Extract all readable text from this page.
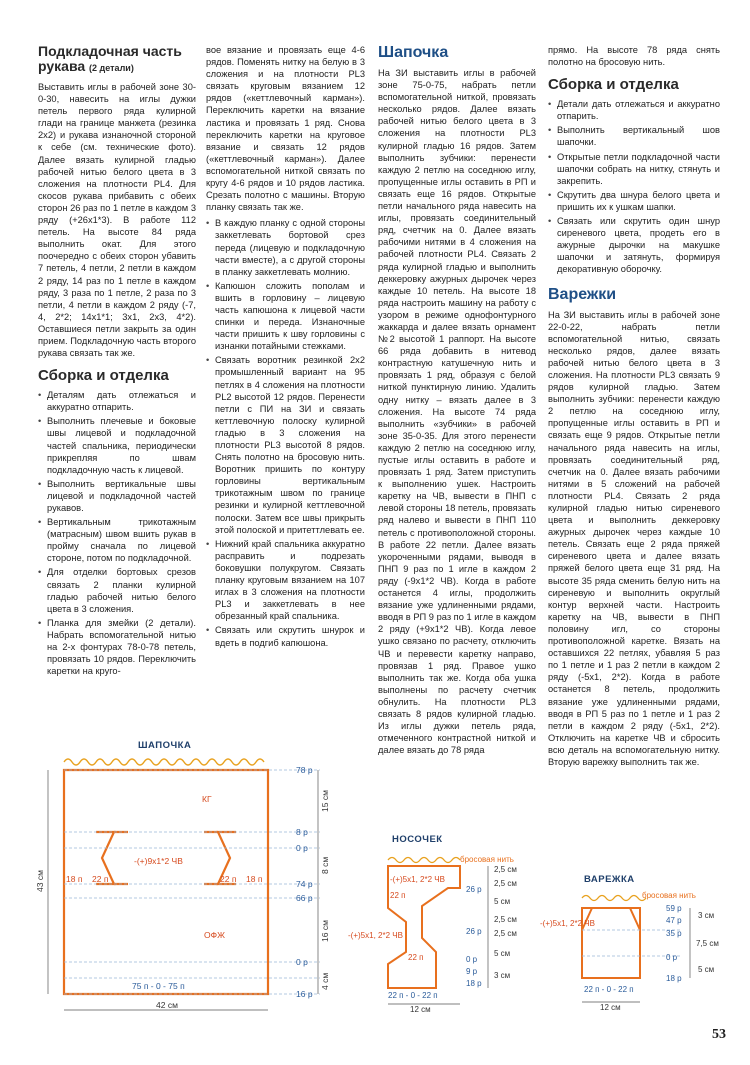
Подкладочная часть рукава (2 детали)

Выставить иглы в рабочей зоне 30-0-30, навесить на иглы дужки петель первого ряда кулирной глади на границе манжета (резинка 2х2) и рукава изнаночной стороной к себе (см. технические фото). Далее вязать кулирной гладью рабочей нитью белого цвета в 3 сложения на плотности PL4. Для скосов рукава прибавить с обеих сторон 26 раз по 1 петле в каждом 3 ряду (+26х1*3). В работе 112 петель. На высоте 84 ряда выполнить окат. Для этого поочередно с обеих сторон убавить 7 петель, 4 петли, 2 петли в каждом 2 ряду, 14 раз по 1 петле в каждом ряду, 3 раза по 1 петле, 2 раза по 3 петли, 4 петли в каждом 2 ряду (-7, 4, 2*2; 14х1*1; 3х1, 2х3, 4*2). Оставшиеся петли закрыть за один прием. Подкладочную часть второго рукава связать так же.

Сборка и отделка
• Деталям дать отлежаться и аккуратно отпарить.
• Выполнить плечевые и боковые швы лицевой и подкладочной частей спальника, периодически прикрепляя по швам подкладочную часть к лицевой.
• Выполнить вертикальные швы лицевой и подкладочной частей рукавов.
• Вертикальным трикотажным (матрасным) швом вшить рукав в пройму сначала по лицевой стороне, потом по подкладочной.
• Для отделки бортовых срезов связать 2 планки кулирной гладью рабочей нитью белого цвета в 3 сложения.
• Планка для змейки (2 детали). Набрать вспомогательной нитью на 2-х фонтурах 78-0-78 петель, провязать 10 рядов. Переключить каретки на круго-

вое вязание и провязать еще 4-6 рядов. Поменять нитку на белую в 3 сложения и на плотности PL3 связать круговым вязанием 12 рядов («кеттлевочный карман»). Переключить каретки на вязание ластика и провязать 1 ряд. Снова переключить каретки на круговое вязание и связать 12 рядов («кеттлевочный карман»). Далее вспомогательной ниткой связать по кругу 4-6 рядов и 10 рядов ластика. Срезать полотно с машины. Вторую планку связать так же.

• В каждую планку с одной стороны заккетлевать бортовой срез переда (лицевую и подкладочную части вместе), а с другой стороны в планку заккетлевать молнию.
• Капюшон сложить пополам и вшить в горловину – лицевую часть капюшона к лицевой части спинки и переда. Изнаночные части пришить к шву горловины с изнанки потайными стежками.
• Связать воротник резинкой 2х2 промышленный вариант на 95 петлях в 4 сложения на плотности PL2 высотой 12 рядов. Перенести петли с ПИ на ЗИ и связать кеттлевочную полоску кулирной гладью в 3 сложения на плотности PL3 высотой 8 рядов. Снять полотно на бросовую нить. Воротник пришить по контуру горловины вертикальным трикотажным швом по границе резинки и кулирной кеттлевочной полоски. Затем все швы прикрыть этой полоской и притеттлевать ее.
• Нижний край спальника аккуратно расправить и подрезать боковушки полукругом. Связать планку круговым вязанием на 107 иглах в 3 сложения на плотности PL3 и заккетлевать в нее обрезанный край спальника.
• Связать или скрутить шнурок и вдеть в подгиб капюшона.
Шапочка

На ЗИ выставить иглы в рабочей зоне 75-0-75, набрать петли вспомогательной ниткой, провязать несколько рядов. Далее вязать рабочей нитью белого цвета в 3 сложения на плотности PL3 кулирной гладью 16 рядов. Затем выполнить зубчики: перенести каждую 2 петлю на соседнюю иглу, пропущенные иглы оставить в РП и связать еще 16 рядов. Открытые петли начального ряда навесить на иглы, провязать соединительный ряд, счетчик на 0. Далее вязать рабочими нитями в 4 сложения на рабочей плотности PL4. Связать 2 ряда кулирной гладью и выполнить деккеровку ажурных дырочек через каждые 10 петель. На высоте 18 ряда настроить машину на работу с узором в режиме однофонтурного жаккарда и далее вязать орнамент №2 высотой 1 раппорт. На высоте 66 ряда добавить в нитевод контрастную катушечную нить и провязать 1 ряд, образуя с белой ниткой пунктирную линию. Удалить одну нитку – вязать далее в 3 сложения. На высоте 74 ряда выполнить «зубчики» в рабочей зоне 35-0-35. Для этого перенести каждую 2 петлю на соседнюю иглу, пустые иглы оставить в работе и провязать 1 ряд. Затем приступить к выполнению ушек. Настроить каретку на ЧВ, вывести в ПНП с левой стороны 18 петель, провязать ряд налево и вывести в ПНП 110 петель с противоположной стороны. В работе 22 петли. Далее вязать укороченными рядами, выводя в ПНП 9 раз по 1 игле в каждом 2 ряду (-9х1*2 ЧВ). Когда в работе останется 4 иглы, продолжить вязание уже удлиненными рядами, вводя в РП 9 раз по 1 игле в каждом 2 ряду (+9х1*2 ЧВ). Когда левое ушко связано по расчету, отключить ЧВ и перевести каретку направо, провязав 1 ряд. Правое ушко выполнить так же. Когда оба ушка выполнены по расчету счетчик обнулить. На плотности PL3 связать 8 рядов кулирной гладью. Из иглы дужки петель ряда, отмеченного контрастной ниткой и далее вязать до 78 ряда

прямо. На высоте 78 ряда снять полотно на бросовую нить.

Сборка и отделка
• Детали дать отлежаться и аккуратно отпарить.
• Выполнить вертикальный шов шапочки.
• Открытые петли подкладочной части шапочки собрать на нитку, стянуть и закрепить.
• Скрутить два шнура белого цвета и пришить их к ушкам шапки.
• Связать или скрутить один шнур сиреневого цвета, продеть его в ажурные дырочки на макушке шапочки и затянуть, формируя декоративную оборочку.
Варежки

На ЗИ выставить иглы в рабочей зоне 22-0-22, набрать петли вспомогательной нитью, связать несколько рядов, далее вязать рабочей нитью белого цвета в 3 сложения. На плотности PL3 связать 9 рядов кулирной гладью. Затем выполнить зубчики: перенести каждую 2 петлю на соседнюю иглу, пропущенные иглы оставить в РП и связать еще 9 рядов. Открытые петли начального ряда навесить на иглы, провязать соединительный ряд, счетчик на 0. Далее вязать рабочими нитями в 5 сложений на рабочей плотности PL4. Связать 2 ряда кулирной гладью нитью сиреневого цвета и выполнить деккеровку ажурных дырочек через каждые 10 петель. Связать еще 2 ряда пряжей сиреневого цвета и далее вязать пряжей белого цвета еще 31 ряд. На высоте 35 ряда сменить белую нить на сиреневую и выполнить округлый контур верхней части. Настроить каретку на ЧВ, вывести в ПНП половину игл, со стороны противоположной каретке. Вязать на оставшихся 22 петлях, убавляя 5 раз по 1 петле и 1 раз 2 петли в каждом 2 ряду (-5х1, 2*2). Когда в работе останется 8 петель, продолжить вязание уже удлиненными рядами, вводя в РП 5 раз по 1 петле и 1 раз 2 петли в каждом 2 ряду (-5х1, 2*2). Отключить на каретке ЧВ и сбросить всю деталь на вспомогательную нитку. Вторую варежку выполнить так же.

ШАПОЧКА
КГ
ОФЖ
-(+)9х1*2 ЧВ
18 п 22 п	22 п 18 п
75 п - 0 - 75 п
78 р
8 р
0 р
74 р
66 р
0 р
16 р
42 см
43 см
15 см
8 см
16 см
4 см
НОСОЧЕК
бросовая нить
-(+)5х1, 2*2 ЧВ
-(+)5х1, 2*2 ЧВ
22 п
22 п
22 п - 0 - 22 п
26 р
26 р
0 р
9 р
18 р
12 см
2,5 см
2,5 см
5 см
2,5 см
2,5 см
5 см
3 см
ВАРЕЖКА
бросовая нить
-(+)5х1, 2*2 ЧВ
22 п - 0 - 22 п
59 р
47 р
35 р
0 р
18 р
12 см
3 см
7,5 см
5 см
53
